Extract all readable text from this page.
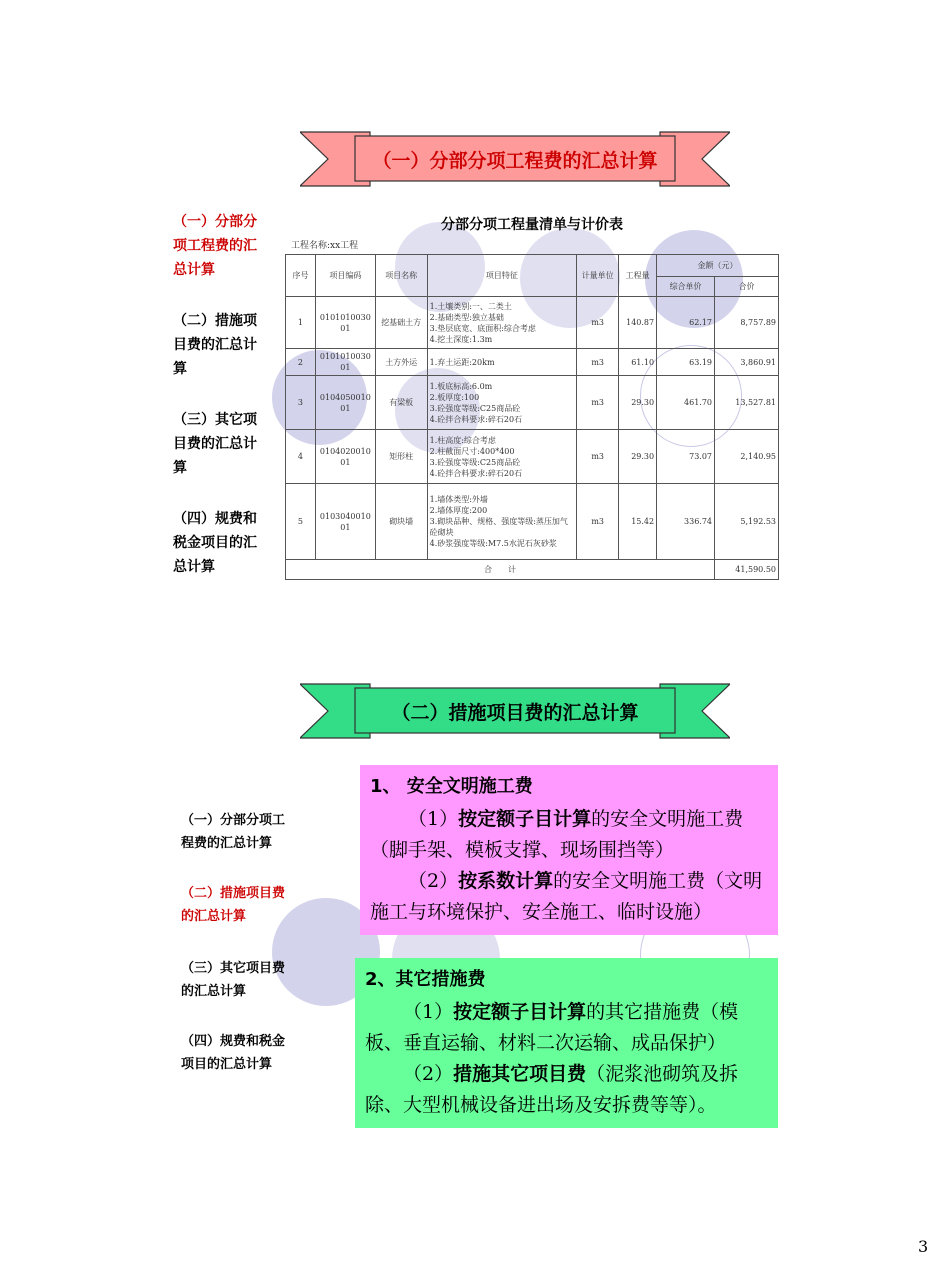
（一）分部分项工程费的汇总计算
（一）分部分
项工程费的汇
总计算
（二）措施项
目费的汇总计
算
（三）其它项
目费的汇总计
算
（四）规费和
税金项目的汇
总计算
分部分项工程量清单与计价表
工程名称:xx工程
序号	项目编码	项目名称	项目特征	计量单位	工程量	金额（元）	
						综合单价	合价
1	010101003001	挖基础土方	1.土壤类别:一、二类土
2.基础类型:独立基础
3.垫层底宽、底面积:综合考虑
4.挖土深度:1.3m	m3	140.87	62.17	8,757.89
2	010101003001	土方外运	1.弃土运距:20km	m3	61.10	63.19	3,860.91
3	010405001001	有梁板	1.板底标高:6.0m
2.板厚度:100
3.砼强度等级:C25商品砼
4.砼拌合料要求:碎石20石	m3	29.30	461.70	13,527.81
4	010402001001	矩形柱	1.柱高度:综合考虑
2.柱截面尺寸:400*400
3.砼强度等级:C25商品砼
4.砼拌合料要求:碎石20石	m3	29.30	73.07	2,140.95
5	010304001001	砌块墙	1.墙体类型:外墙
2.墙体厚度:200
3.砌块品种、规格、强度等级:蒸压加气砼砌块
4.砂浆强度等级:M7.5水泥石灰砂浆	m3	15.42	336.74	5,192.53
合　　计							41,590.50
（二）措施项目费的汇总计算
（一）分部分项工
程费的汇总计算
（二）措施项目费
的汇总计算
（三）其它项目费
的汇总计算
（四）规费和税金
项目的汇总计算
1、 安全文明施工费
（1）按定额子目计算的安全文明施工费（脚手架、模板支撑、现场围挡等）
（2）按系数计算的安全文明施工费（文明施工与环境保护、安全施工、临时设施）
2、其它措施费
（1）按定额子目计算的其它措施费（模板、垂直运输、材料二次运输、成品保护）
（2）措施其它项目费（泥浆池砌筑及拆除、大型机械设备进出场及安拆费等等）。
3
